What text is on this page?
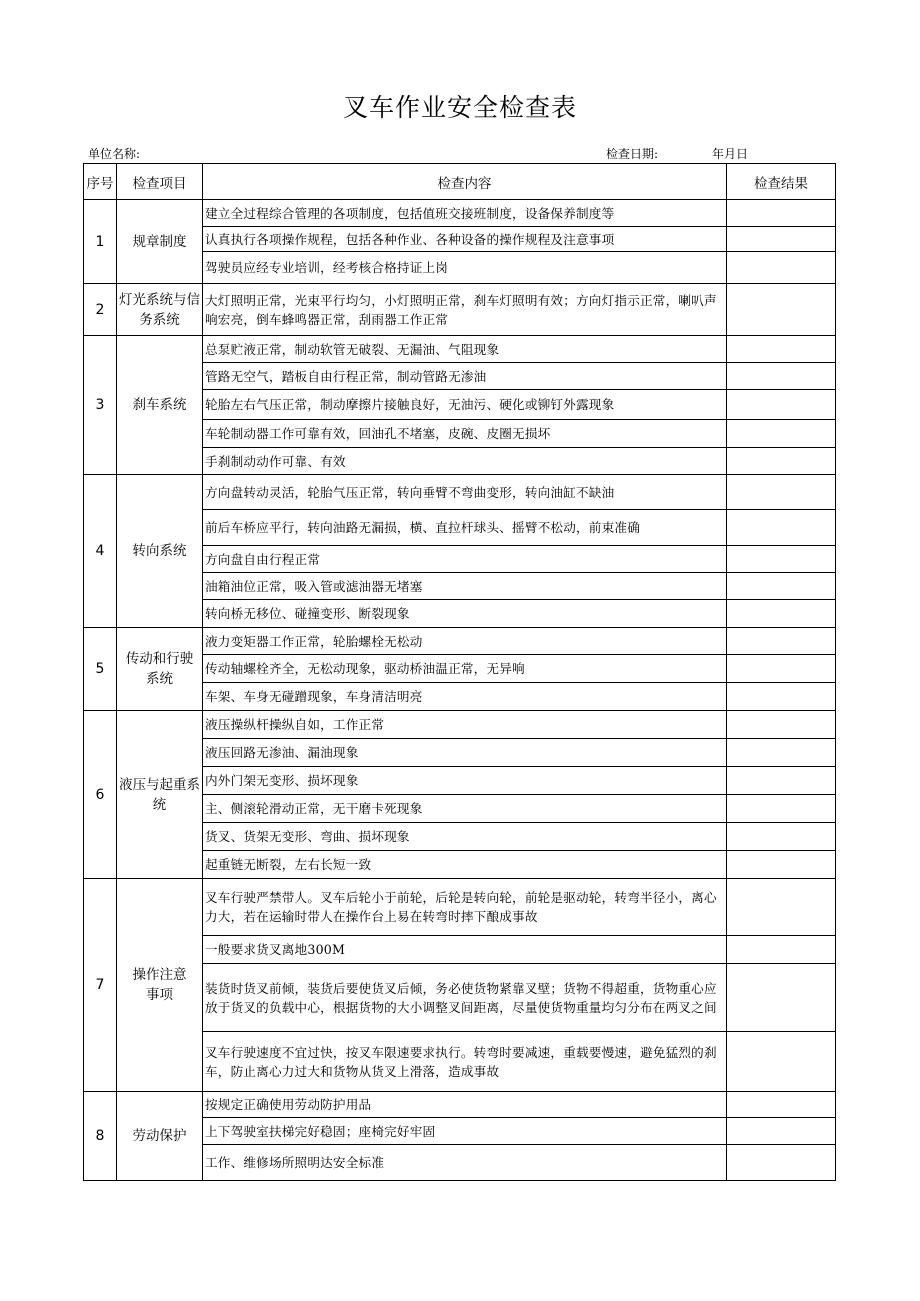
叉车作业安全检查表
单位名称:	检查日期:	年月日
序号	检查项目	检查内容	检查结果
1	规章制度	建立全过程综合管理的各项制度，包括值班交接班制度，设备保养制度等	
		认真执行各项操作规程，包括各种作业、各种设备的操作规程及注意事项	
		驾驶员应经专业培训，经考核合格持证上岗	
2	灯光系统与信务系统	大灯照明正常，光束平行均匀，小灯照明正常，刹车灯照明有效；方向灯指示正常，喇叭声响宏亮，倒车蜂鸣器正常，刮雨器工作正常	
3	刹车系统	总泵贮液正常，制动软管无破裂、无漏油、气阻现象	
		管路无空气，踏板自由行程正常，制动管路无渗油	
		轮胎左右气压正常，制动摩擦片接触良好，无油污、硬化或铆钉外露现象	
		车轮制动器工作可靠有效，回油孔不堵塞，皮碗、皮圈无损坏	
		手刹制动动作可靠、有效	
4	转向系统	方向盘转动灵活，轮胎气压正常，转向垂臂不弯曲变形，转向油缸不缺油	
		前后车桥应平行，转向油路无漏损，横、直拉杆球头、摇臂不松动，前束准确	
		方向盘自由行程正常	
		油箱油位正常，吸入管或滤油器无堵塞	
		转向桥无移位、碰撞变形、断裂现象	
5	传动和行驶系统	液力变矩器工作正常，轮胎螺栓无松动	
		传动轴螺栓齐全，无松动现象，驱动桥油温正常，无异响	
		车架、车身无碰蹭现象，车身清洁明亮	
6	液压与起重系统	液压操纵杆操纵自如，工作正常	
		液压回路无渗油、漏油现象	
		内外门架无变形、损坏现象	
		主、侧滚轮滑动正常，无干磨卡死现象	
		货叉、货架无变形、弯曲、损坏现象	
		起重链无断裂，左右长短一致	
7	操作注意事项	叉车行驶严禁带人。叉车后轮小于前轮，后轮是转向轮，前轮是驱动轮，转弯半径小，离心力大，若在运输时带人在操作台上易在转弯时摔下酿成事故	
		一般要求货叉离地300M	
		装货时货叉前倾，装货后要使货叉后倾，务必使货物紧靠叉壁；货物不得超重，货物重心应放于货叉的负载中心，根据货物的大小调整叉间距离，尽量使货物重量均匀分布在两叉之间	
		叉车行驶速度不宜过快，按叉车限速要求执行。转弯时要减速，重载要慢速，避免猛烈的刹车，防止离心力过大和货物从货叉上滑落，造成事故	
8	劳动保护	按规定正确使用劳动防护用品	
		上下驾驶室扶梯完好稳固；座椅完好牢固	
		工作、维修场所照明达安全标准	
